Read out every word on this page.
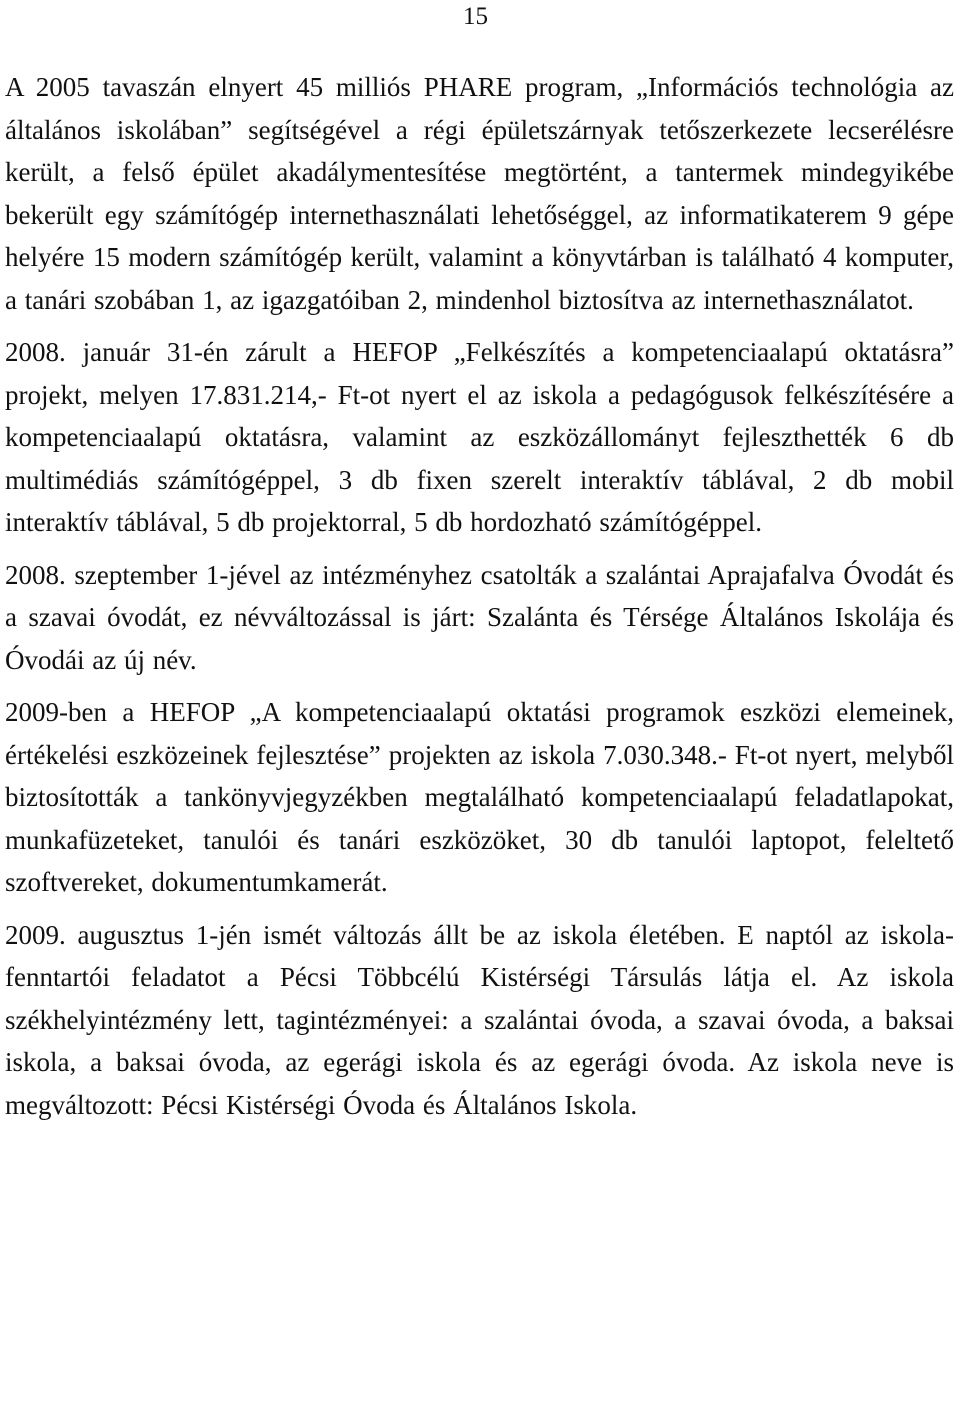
15

A 2005 tavaszán elnyert 45 milliós PHARE program, „Információs technológia az általános iskolában” segítségével a régi épületszárnyak tetőszerkezete lecserélésre került, a felső épület akadálymentesítése megtörtént, a tantermek mindegyikébe bekerült egy számítógép internethasználati lehetőséggel, az informatikaterem 9 gépe helyére 15 modern számítógép került, valamint a könyvtárban is található 4 komputer, a tanári szobában 1, az igazgatóiban 2, mindenhol biztosítva az internethasználatot.

2008. január 31-én zárult a HEFOP „Felkészítés a kompetenciaalapú oktatásra” projekt, melyen 17.831.214,- Ft-ot nyert el az iskola a pedagógusok felkészítésére a kompetenciaalapú oktatásra, valamint az eszközállományt fejleszthették 6 db multimédiás számítógéppel, 3 db fixen szerelt interaktív táblával, 2 db mobil interaktív táblával, 5 db projektorral, 5 db hordozható számítógéppel.

2008. szeptember 1-jével az intézményhez csatolták a szalántai Aprajafalva Óvodát és a szavai óvodát, ez névváltozással is járt: Szalánta és Térsége Általános Iskolája és Óvodái az új név.

2009-ben a HEFOP „A kompetenciaalapú oktatási programok eszközi elemeinek, értékelési eszközeinek fejlesztése” projekten az iskola 7.030.348.- Ft-ot nyert, melyből biztosították a tankönyvjegyzékben megtalálható kompetenciaalapú feladatlapokat, munkafüzeteket, tanulói és tanári eszközöket, 30 db tanulói laptopot, feleltető szoftvereket, dokumentumkamerát.

2009. augusztus 1-jén ismét változás állt be az iskola életében. E naptól az iskola-fenntartói feladatot a Pécsi Többcélú Kistérségi Társulás látja el. Az iskola székhelyintézmény lett, tagintézményei: a szalántai óvoda, a szavai óvoda, a baksai iskola, a baksai óvoda, az egerági iskola és az egerági óvoda. Az iskola neve is megváltozott: Pécsi Kistérségi Óvoda és Általános Iskola.
